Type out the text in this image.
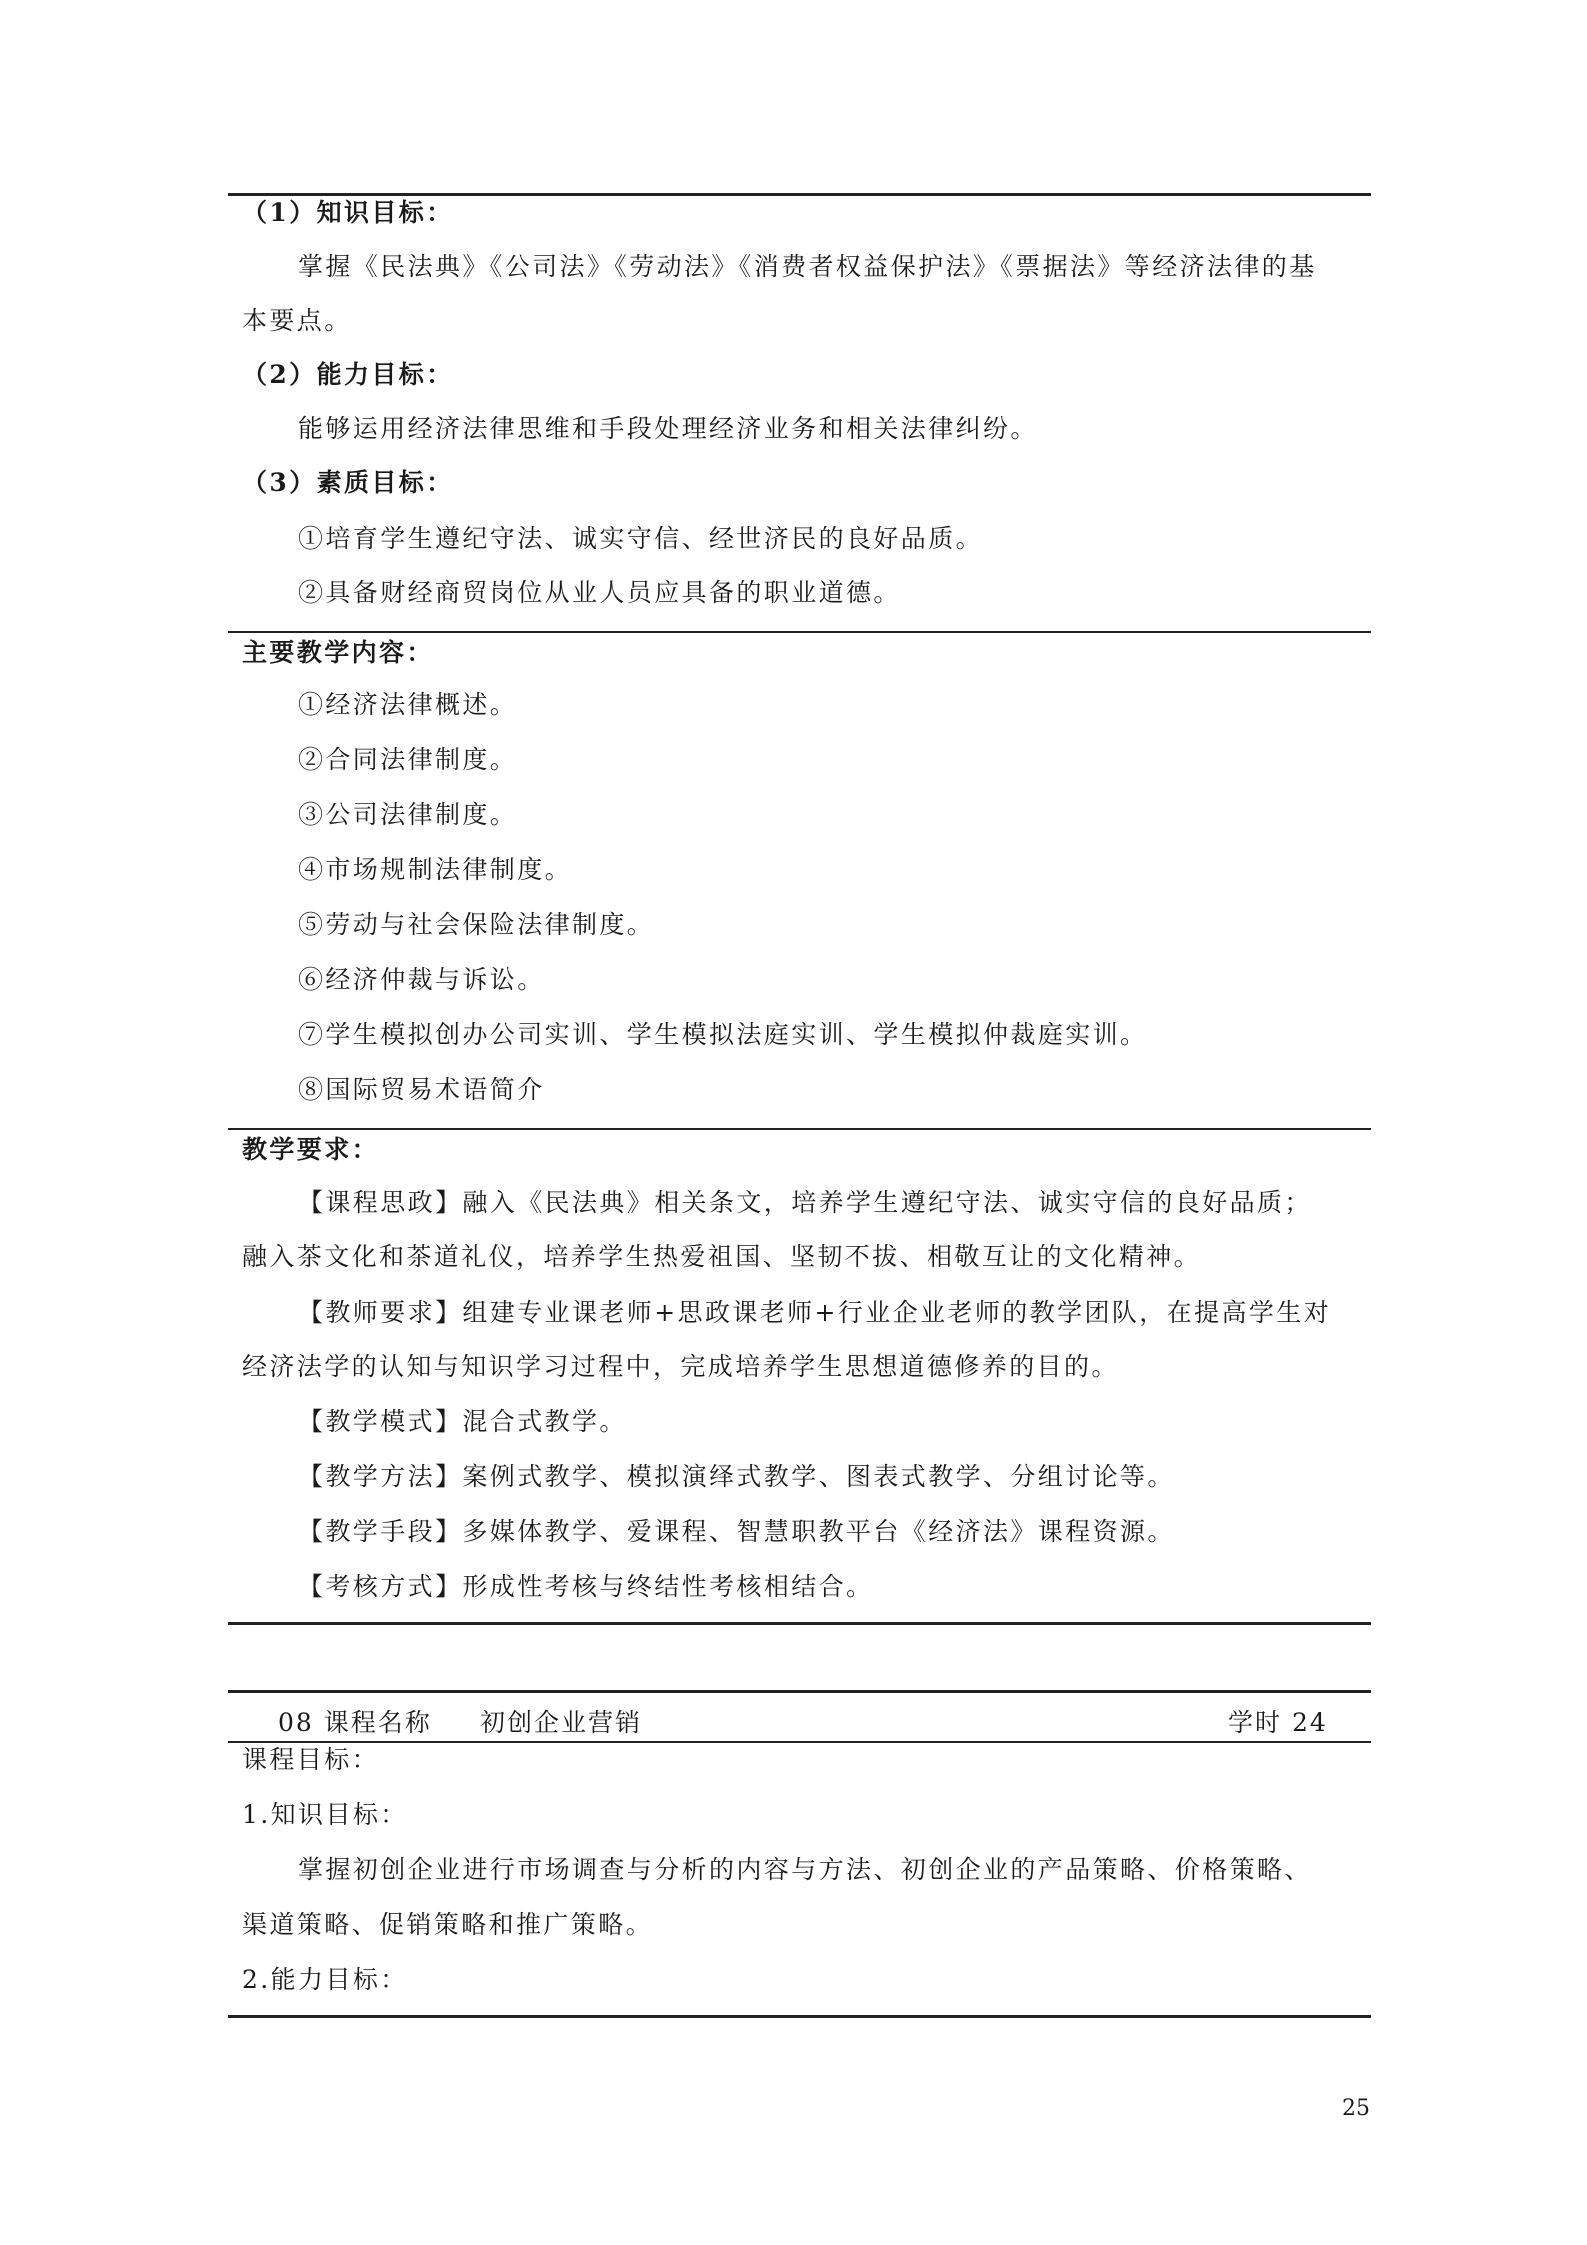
（1）知识目标：
掌握《民法典》《公司法》《劳动法》《消费者权益保护法》《票据法》等经济法律的基
本要点。
（2）能力目标：
能够运用经济法律思维和手段处理经济业务和相关法律纠纷。
（3）素质目标：
①培育学生遵纪守法、诚实守信、经世济民的良好品质。
②具备财经商贸岗位从业人员应具备的职业道德。
主要教学内容：
①经济法律概述。
②合同法律制度。
③公司法律制度。
④市场规制法律制度。
⑤劳动与社会保险法律制度。
⑥经济仲裁与诉讼。
⑦学生模拟创办公司实训、学生模拟法庭实训、学生模拟仲裁庭实训。
⑧国际贸易术语简介
教学要求：
【课程思政】融入《民法典》相关条文，培养学生遵纪守法、诚实守信的良好品质；
融入茶文化和茶道礼仪，培养学生热爱祖国、坚韧不拔、相敬互让的文化精神。
【教师要求】组建专业课老师+思政课老师+行业企业老师的教学团队，在提高学生对
经济法学的认知与知识学习过程中，完成培养学生思想道德修养的目的。
【教学模式】混合式教学。
【教学方法】案例式教学、模拟演绎式教学、图表式教学、分组讨论等。
【教学手段】多媒体教学、爱课程、智慧职教平台《经济法》课程资源。
【考核方式】形成性考核与终结性考核相结合。
08 课程名称 初创企业营销	学时 24
课程目标：
1.知识目标：
掌握初创企业进行市场调查与分析的内容与方法、初创企业的产品策略、价格策略、
渠道策略、促销策略和推广策略。
2.能力目标：
25
